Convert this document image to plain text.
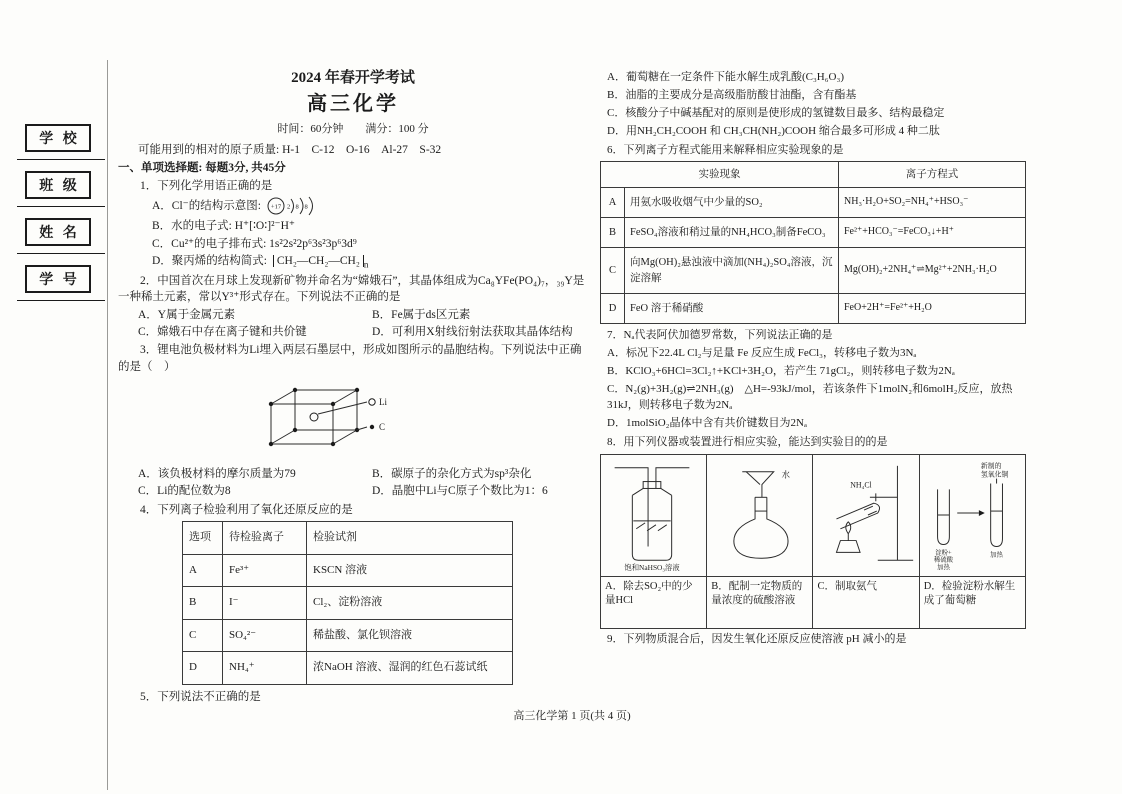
学 校
班 级
姓 名
学 号
2024 年春开学考试
高三化学

时间：60分钟　　满分：100 分

可能用到的相对的原子质量: H-1　C-12　O-16　Al-27　S-32

一、单项选择题: 每题3分, 共45分

1．下列化学用语正确的是

A．Cl⁻的结构示意图: +17 2 8 8

B．水的电子式: H⁺[∶O∶]²⁻H⁺

C．Cu²⁺的电子排布式: 1s²2s²2p⁶3s²3p⁶3d⁹

D．聚丙烯的结构简式: CH₂—CH₂—CH₂ $_n$

2．中国首次在月球上发现新矿物并命名为“嫦娥石”，其晶体组成为Ca₈YFe(PO₄)₇，₃₉Y是一种稀土元素，常以Y³⁺形式存在。下列说法不正确的是

A．Y属于金属元素	B．Fe属于ds区元素
C．嫦娥石中存在离子键和共价键	D．可利用X射线衍射法获取其晶体结构

3．锂电池负极材料为Li埋入两层石墨层中，形成如图所示的晶胞结构。下列说法中正确的是（　）

Li
C
A．该负极材料的摩尔质量为79	B．碳原子的杂化方式为sp³杂化
C．Li的配位数为8	D．晶胞中Li与C原子个数比为1：6

4．下列离子检验利用了氧化还原反应的是

选项	待检验离子	检验试剂
A	Fe³⁺	KSCN 溶液
B	I⁻	Cl₂、淀粉溶液
C	SO₄²⁻	稀盐酸、氯化钡溶液
D	NH₄⁺	浓NaOH 溶液、湿润的红色石蕊试纸

5．下列说法不正确的是

A．葡萄糖在一定条件下能水解生成乳酸(C₃H₆O₃)

B．油脂的主要成分是高级脂肪酸甘油酯，含有酯基

C．核酸分子中碱基配对的原则是使形成的氢键数目最多、结构最稳定

D．用NH₂CH₂COOH 和 CH₃CH(NH₂)COOH 缩合最多可形成 4 种二肽

6．下列离子方程式能用来解释相应实验现象的是

实验现象		离子方程式
A	用氨水吸收烟气中少量的SO₂	NH₃·H₂O+SO₂=NH₄⁺+HSO₃⁻
B	FeSO₄溶液和稍过量的NH₄HCO₃制备FeCO₃	Fe²⁺+HCO₃⁻=FeCO₃↓+H⁺
C	向Mg(OH)₂悬浊液中滴加(NH₄)₂SO₄溶液，沉淀溶解	Mg(OH)₂+2NH₄⁺⇌Mg²⁺+2NH₃·H₂O
D	FeO 溶于稀硝酸	FeO+2H⁺=Fe²⁺+H₂O

7．Nₐ代表阿伏加德罗常数，下列说法正确的是

A．标况下22.4L Cl₂与足量 Fe 反应生成 FeCl₃，转移电子数为3Nₐ

B．KClO₃+6HCl=3Cl₂↑+KCl+3H₂O，若产生 71gCl₂，则转移电子数为2Nₐ

C．N₂(g)+3H₂(g)⇌2NH₃(g)　△H=-93kJ/mol，若该条件下1molN₂和6molH₂反应，放热31kJ，则转移电子数为2Nₐ

D．1molSiO₂晶体中含有共价键数目为2Nₐ

8．用下列仪器或装置进行相应实验，能达到实验目的的是

饱和NaHSO₃溶液

水

NH₄Cl

新制的
氢氧化铜
淀粉+
稀硫酸
加热
加热

A．除去SO₂中的少量HCl	B．配制一定物质的量浓度的硫酸溶液	C．制取氨气	D．检验淀粉水解生成了葡萄糖

9．下列物质混合后，因发生氧化还原反应使溶液 pH 减小的是

高三化学第 1 页(共 4 页)
